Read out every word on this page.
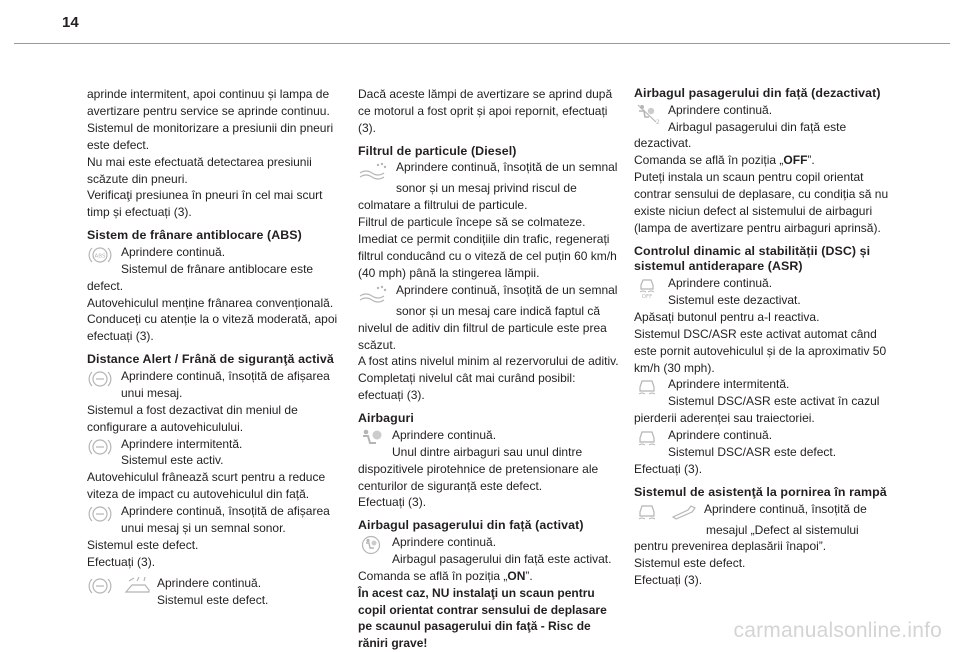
14

aprinde intermitent, apoi continuu și lampa de avertizare pentru service se aprinde continuu.

Sistemul de monitorizare a presiunii din pneuri este defect.

Nu mai este efectuată detectarea presiunii scăzute din pneuri.

Verificaţi presiunea în pneuri în cel mai scurt timp și efectuați (3).

Sistem de frânare antiblocare (ABS)
ABS	Aprindere continuă.

Sistemul de frânare antiblocare este defect.

Autovehiculul menține frânarea convențională.

Conduceți cu atenție la o viteză moderată, apoi efectuați (3).

Distance Alert / Frână de siguranţă activă

Aprindere continuă, însoțită de afișarea

unui mesaj.

Sistemul a fost dezactivat din meniul de configurare a autovehiculului.

Aprindere intermitentă.

Sistemul este activ.

Autovehiculul frânează scurt pentru a reduce viteza de impact cu autovehiculul din față.

Aprindere continuă, însoțită de afișarea

unui mesaj și un semnal sonor.

Sistemul este defect.

Efectuați (3).

Aprindere continuă.

Sistemul este defect.

Dacă aceste lămpi de avertizare se aprind după ce motorul a fost oprit și apoi repornit, efectuați (3).

Filtrul de particule (Diesel)

Aprindere continuă, însoțită de un semnal

sonor și un mesaj privind riscul de colmatare a filtrului de particule.

Filtrul de particule începe să se colmateze.

Imediat ce permit condițiile din trafic, regenerați filtrul conducând cu o viteză de cel puțin 60 km/h (40 mph) până la stingerea lămpii.

Aprindere continuă, însoțită de un semnal

sonor și un mesaj care indică faptul că nivelul de aditiv din filtrul de particule este prea scăzut.

A fost atins nivelul minim al rezervorului de aditiv.

Completați nivelul cât mai curând posibil: efectuați (3).

Airbaguri

Aprindere continuă.

Unul dintre airbaguri sau unul dintre dispozitivele pirotehnice de pretensionare ale centurilor de siguranță este defect.

Efectuați (3).

Airbagul pasagerului din față (activat)

Aprindere continuă.

Airbagul pasagerului din față este activat.

Comanda se află în poziția „ON”.

În acest caz, NU instalaţi un scaun pentru copil orientat contrar sensului de deplasare pe scaunul pasagerului din faţă - Risc de răniri grave!

Airbagul pasagerului din față (dezactivat)
2

Aprindere continuă.

Airbagul pasagerului din față este dezactivat.

Comanda se află în poziția „OFF”.

Puteți instala un scaun pentru copil orientat contrar sensului de deplasare, cu condiția să nu existe niciun defect al sistemului de airbaguri (lampa de avertizare pentru airbaguri aprinsă).

Controlul dinamic al stabilității (DSC) și sistemul antiderapare (ASR)
OFF

Aprindere continuă.

Sistemul este dezactivat.

Apăsați butonul pentru a-l reactiva.

Sistemul DSC/ASR este activat automat când este pornit autovehiculul și de la aproximativ 50 km/h (30 mph).

Aprindere intermitentă.

Sistemul DSC/ASR este activat în cazul pierderii aderenței sau traiectoriei.

Aprindere continuă.

Sistemul DSC/ASR este defect.

Efectuați (3).

Sistemul de asistenţă la pornirea în rampă

Aprindere continuă, însoțită de

mesajul „Defect al sistemului pentru prevenirea deplasării înapoi”.

Sistemul este defect.

Efectuați (3).

carmanualsonline.info
